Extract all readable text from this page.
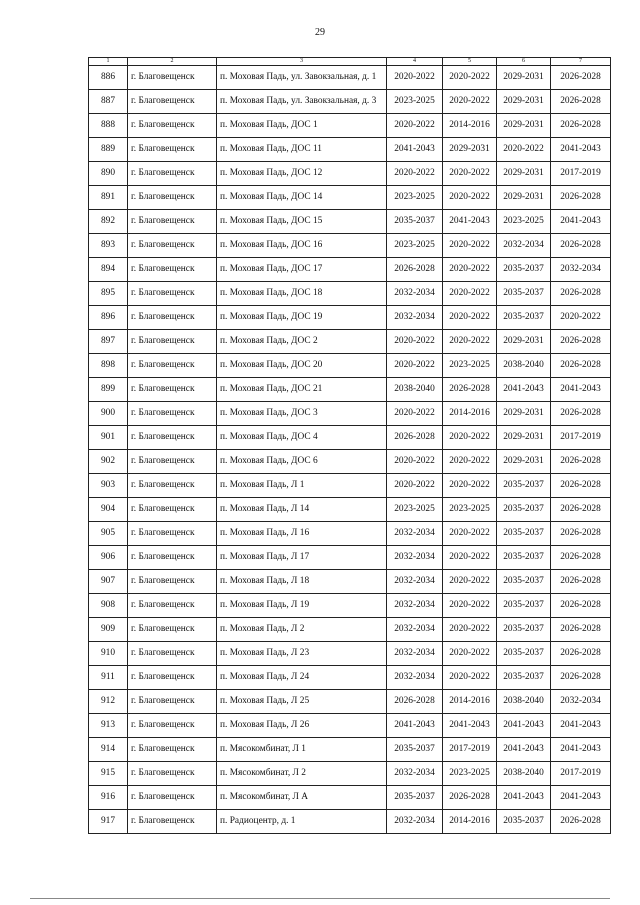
29
1	2	3	4	5	6	7
886	г. Благовещенск	п. Моховая Падь, ул. Завокзальная, д. 1	2020-2022	2020-2022	2029-2031	2026-2028
887	г. Благовещенск	п. Моховая Падь, ул. Завокзальная, д. 3	2023-2025	2020-2022	2029-2031	2026-2028
888	г. Благовещенск	п. Моховая Падь, ДОС 1	2020-2022	2014-2016	2029-2031	2026-2028
889	г. Благовещенск	п. Моховая Падь, ДОС 11	2041-2043	2029-2031	2020-2022	2041-2043
890	г. Благовещенск	п. Моховая Падь, ДОС 12	2020-2022	2020-2022	2029-2031	2017-2019
891	г. Благовещенск	п. Моховая Падь, ДОС 14	2023-2025	2020-2022	2029-2031	2026-2028
892	г. Благовещенск	п. Моховая Падь, ДОС 15	2035-2037	2041-2043	2023-2025	2041-2043
893	г. Благовещенск	п. Моховая Падь, ДОС 16	2023-2025	2020-2022	2032-2034	2026-2028
894	г. Благовещенск	п. Моховая Падь, ДОС 17	2026-2028	2020-2022	2035-2037	2032-2034
895	г. Благовещенск	п. Моховая Падь, ДОС 18	2032-2034	2020-2022	2035-2037	2026-2028
896	г. Благовещенск	п. Моховая Падь, ДОС 19	2032-2034	2020-2022	2035-2037	2020-2022
897	г. Благовещенск	п. Моховая Падь, ДОС 2	2020-2022	2020-2022	2029-2031	2026-2028
898	г. Благовещенск	п. Моховая Падь, ДОС 20	2020-2022	2023-2025	2038-2040	2026-2028
899	г. Благовещенск	п. Моховая Падь, ДОС 21	2038-2040	2026-2028	2041-2043	2041-2043
900	г. Благовещенск	п. Моховая Падь, ДОС 3	2020-2022	2014-2016	2029-2031	2026-2028
901	г. Благовещенск	п. Моховая Падь, ДОС 4	2026-2028	2020-2022	2029-2031	2017-2019
902	г. Благовещенск	п. Моховая Падь, ДОС 6	2020-2022	2020-2022	2029-2031	2026-2028
903	г. Благовещенск	п. Моховая Падь, Л 1	2020-2022	2020-2022	2035-2037	2026-2028
904	г. Благовещенск	п. Моховая Падь, Л 14	2023-2025	2023-2025	2035-2037	2026-2028
905	г. Благовещенск	п. Моховая Падь, Л 16	2032-2034	2020-2022	2035-2037	2026-2028
906	г. Благовещенск	п. Моховая Падь, Л 17	2032-2034	2020-2022	2035-2037	2026-2028
907	г. Благовещенск	п. Моховая Падь, Л 18	2032-2034	2020-2022	2035-2037	2026-2028
908	г. Благовещенск	п. Моховая Падь, Л 19	2032-2034	2020-2022	2035-2037	2026-2028
909	г. Благовещенск	п. Моховая Падь, Л 2	2032-2034	2020-2022	2035-2037	2026-2028
910	г. Благовещенск	п. Моховая Падь, Л 23	2032-2034	2020-2022	2035-2037	2026-2028
911	г. Благовещенск	п. Моховая Падь, Л 24	2032-2034	2020-2022	2035-2037	2026-2028
912	г. Благовещенск	п. Моховая Падь, Л 25	2026-2028	2014-2016	2038-2040	2032-2034
913	г. Благовещенск	п. Моховая Падь, Л 26	2041-2043	2041-2043	2041-2043	2041-2043
914	г. Благовещенск	п. Мясокомбинат, Л 1	2035-2037	2017-2019	2041-2043	2041-2043
915	г. Благовещенск	п. Мясокомбинат, Л 2	2032-2034	2023-2025	2038-2040	2017-2019
916	г. Благовещенск	п. Мясокомбинат, Л А	2035-2037	2026-2028	2041-2043	2041-2043
917	г. Благовещенск	п. Радиоцентр, д. 1	2032-2034	2014-2016	2035-2037	2026-2028
